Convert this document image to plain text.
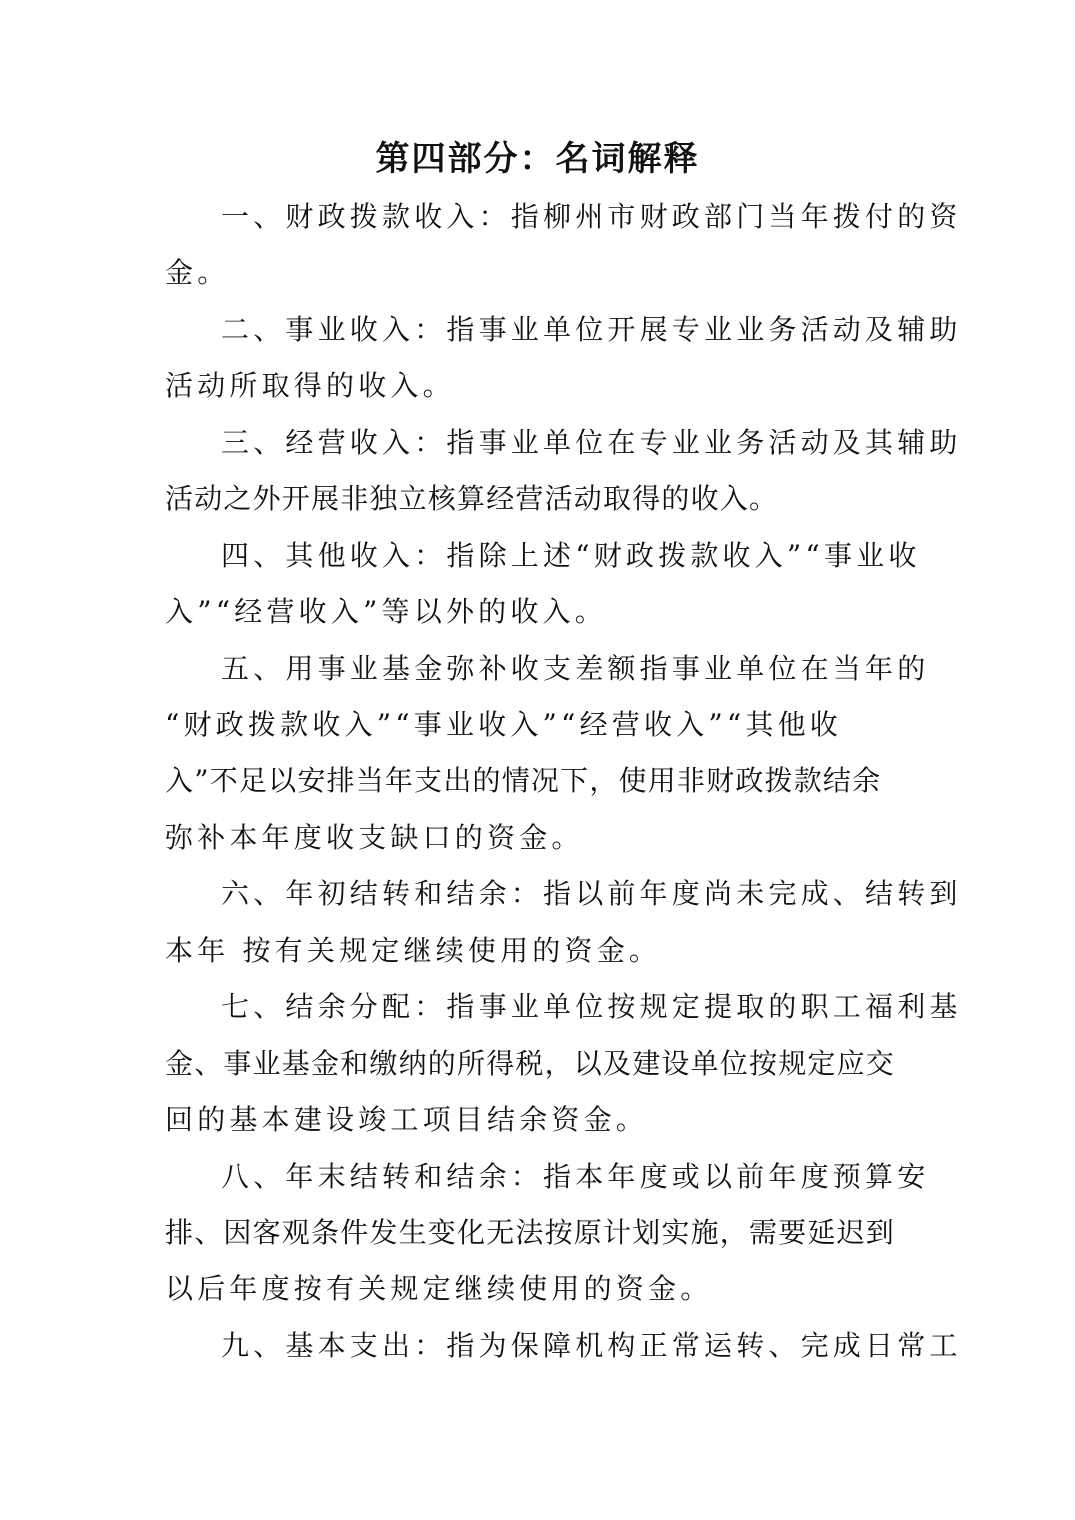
第四部分：名词解释
一、财政拨款收入：指柳州市财政部门当年拨付的资
金。
二、事业收入：指事业单位开展专业业务活动及辅助
活动所取得的收入。
三、经营收入：指事业单位在专业业务活动及其辅助
活动之外开展非独立核算经营活动取得的收入。
四、其他收入：指除上述“财政拨款收入”“事业收
入”“经营收入”等以外的收入。
五、用事业基金弥补收支差额指事业单位在当年的
“财政拨款收入”“事业收入”“经营收入”“其他收
入”不足以安排当年支出的情况下，使用非财政拨款结余
弥补本年度收支缺口的资金。
六、年初结转和结余：指以前年度尚未完成、结转到
本年 按有关规定继续使用的资金。
七、结余分配：指事业单位按规定提取的职工福利基
金、事业基金和缴纳的所得税，以及建设单位按规定应交
回的基本建设竣工项目结余资金。
八、年末结转和结余：指本年度或以前年度预算安
排、因客观条件发生变化无法按原计划实施，需要延迟到
以后年度按有关规定继续使用的资金。
九、基本支出：指为保障机构正常运转、完成日常工
